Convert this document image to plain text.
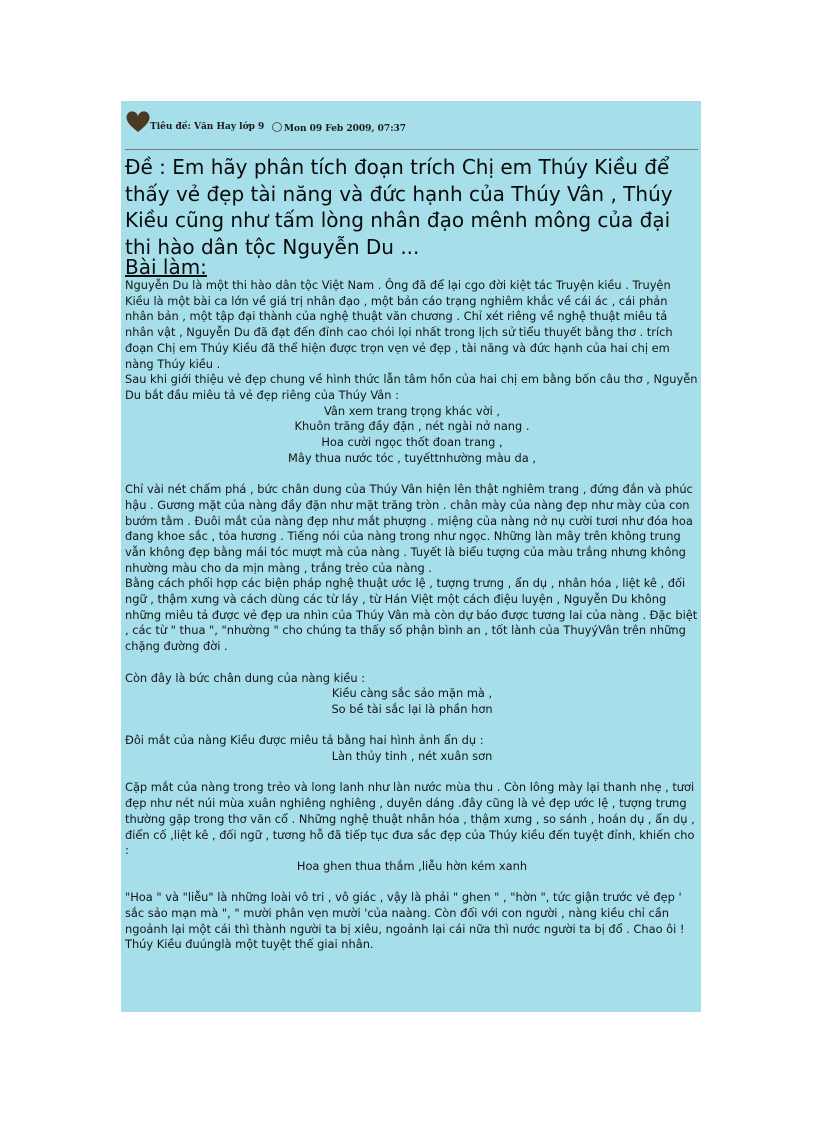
Tiêu đề: Văn Hay lớp 9	Mon 09 Feb 2009, 07:37
Đề : Em hãy phân tích đoạn trích Chị em Thúy Kiều để thấy vẻ đẹp tài năng và đức hạnh của Thúy Vân , Thúy Kiều cũng như tấm lòng nhân đạo mênh mông của đại thi hào dân tộc Nguyễn Du ...
Bài làm:

Nguyễn Du là một thi hào dân tộc Việt Nam . Ông đã để lại cgo đời kiệt tác Truyện kiều . Truyện Kiều là một bài ca lớn về giá trị nhân đạo , một bản cáo trạng nghiêm khắc về cái ác , cái phản nhân bản , một tập đại thành của nghệ thuật văn chương . Chỉ xét riêng về nghệ thuật miêu tả nhân vật , Nguyễn Du đã đạt đến đỉnh cao chói lọi nhất trong lịch sử tiểu thuyết bằng thơ . trích đoạn Chị em Thúy Kiều đã thể hiện được trọn vẹn vẻ đẹp , tài năng và đức hạnh của hai chị em nàng Thúy kiều .

Sau khi giới thiệu vẻ đẹp chung về hình thức lẫn tâm hồn của hai chị em bằng bốn câu thơ , Nguyễn Du bắt đầu miêu tả vẻ đẹp riêng của Thúy Vân :

Vân xem trang trọng khác vời ,

Khuôn trăng đầy đặn , nét ngài nở nang .

Hoa cười ngọc thốt đoan trang ,

Mây thua nước tóc , tuyếttnhường màu da ,

Chỉ vài nét chấm phá , bức chân dung của Thúy Vân hiện lên thật nghiêm trang , đứng đắn và phúc hậu . Gương mặt của nàng đầy đặn như mặt trăng tròn . chân mày của nàng đẹp như mày của con bướm tằm . Đuôi mắt của nàng đẹp như mắt phượng . miệng của nàng nở nụ cười tươi như đóa hoa đang khoe sắc , tỏa hương . Tiếng nói của nàng trong như ngọc. Những làn mây trên không trung vẫn không đẹp bằng mái tóc mượt mà của nàng . Tuyết là biểu tượng của màu trắng nhưng không nhường màu cho da mịn màng , trắng trẻo của nàng .

Bằng cách phối hợp các biện pháp nghệ thuật ước lệ , tượng trưng , ẩn dụ , nhân hóa , liệt kê , đối ngữ , thậm xưng và cách dùng các từ láy , từ Hán Việt một cách điệu luyện , Nguyễn Du không những miêu tả được vẻ đẹp ưa nhìn của Thúy Vân mà còn dự báo được tương lai của nàng . Đặc biệt , các từ " thua ", "nhường " cho chúng ta thấy số phận bình an , tốt lành của ThuyýVân trên những chặng đường đời .

Còn đây là bức chân dung của nàng kiều :

Kiều càng sắc sảo mặn mà ,

So bề tài sắc lại là phần hơn

Đôi mắt của nàng Kiều được miêu tả bằng hai hình ảnh ẩn dụ :

Làn thủy tinh , nét xuân sơn

Cặp mắt của nàng trong trẻo và long lanh như làn nước mùa thu . Còn lông mày lại thanh nhẹ , tươi đẹp như nét núi mùa xuân nghiêng nghiêng , duyên dáng .đây cũng là vẻ đẹp ước lệ , tượng trưng thường gặp trong thơ văn cổ . Những nghệ thuật nhân hóa , thậm xưng , so sánh , hoán dụ , ẩn dụ , điển cố ,liệt kê , đối ngữ , tương hỗ đã tiếp tục đưa sắc đẹp của Thúy kiều đến tuyệt đỉnh, khiến cho :

Hoa ghen thua thắm ,liễu hờn kém xanh

"Hoa " và "liễu" là những loài vô tri , vô giác , vậy là phải " ghen " , "hờn ", tức giận trước vẻ đẹp ' sắc sảo mạn mà ", " mười phân vẹn mười 'của naàng. Còn đối với con người , nàng kiều chỉ cần ngoảnh lại một cái thì thành người ta bị xiêu, ngoảnh lại cái nữa thì nước người ta bị đổ . Chao ôi ! Thúy Kiều đuúnglà một tuyệt thế giai nhân.
